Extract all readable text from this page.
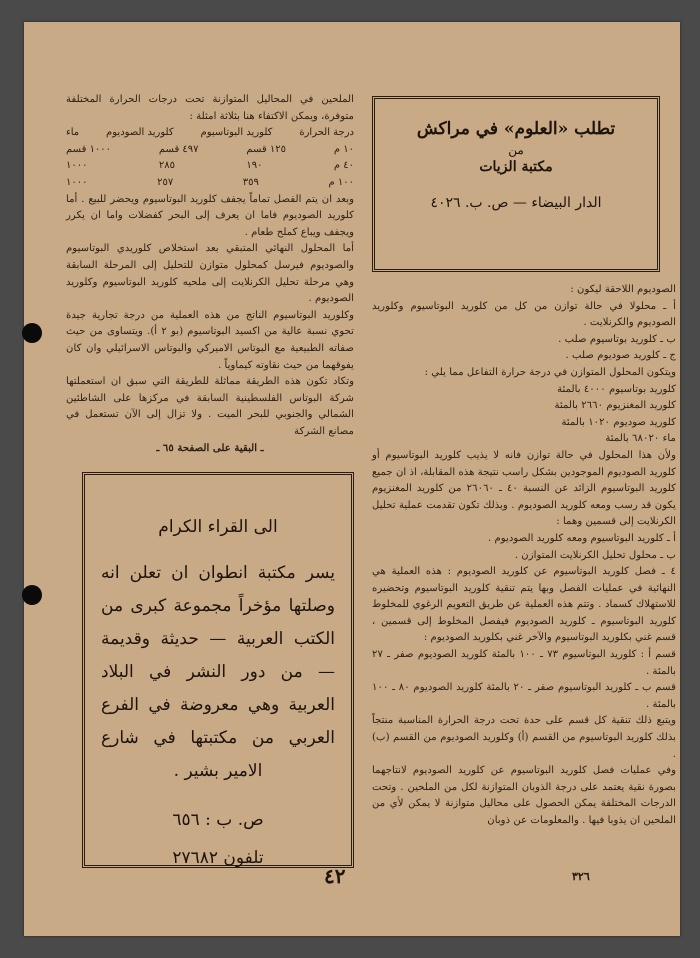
تطلب «العلوم» في مراكش
من
مكتبة الزيات
الدار البيضاء — ص. ب. ٤٠٢٦

الملحين في المحاليل المتوازنة تحت درجات الحرارة المختلفة متوفرة، ويمكن الاكتفاء هنا بثلاثة امثلة :

درجة الحرارة
كلوريد البوتاسيوم
كلوريد الصوديوم
ماء
١٠ م
١٢٥ قسم
٤٩٧ قسم
١٠٠٠ قسم
٤٠ م
١٩٠
٢٨٥
١٠٠٠
١٠٠ م
٣٥٩
٢٥٧
١٠٠٠

وبعد ان يتم الفصل تماماً يجفف كلوريد البوتاسيوم ويحضر للبيع . أما كلوريد الصوديوم فاما ان يعرف إلى البحر كفضلات واما ان يكرر ويجفف ويباع كملح طعام .

أما المحلول النهائي المتبقي بعد استخلاص كلوريدي البوتاسيوم والصوديوم فيرسل كمحلول متوازن للتحليل إلى المرحلة السابقة وهي مرحلة تحليل الكرنلايت إلى ملحيه كلوريد البوتاسيوم وكلوريد الصوديوم .

وكلوريد البوتاسيوم الناتج من هذه العملية من درجة تجارية جيدة تحوي نسبة عالية من اكسيد البوتاسيوم (بو ٢ أ). ويتساوى من حيث صفاته الطبيعية مع البوتاس الاميركي والبوتاس الاسرائيلي وان كان يفوقهما من حيث نقاوته كيماوياً .

وتكاد تكون هذه الطريقة مماثلة للطريقة التي سبق ان استعملتها شركة البوتاس الفلسطينية السابقة في مركزها على الشاطئين الشمالي والجنوبي للبحر الميت . ولا تزال إلى الآن تستعمل في مصانع الشركة

ـ البقية على الصفحة ٦٥ ـ

الصوديوم اللاحقة ليكون :

أ ـ محلولا في حالة توازن من كل من كلوريد البوتاسيوم وكلوريد الصوديوم والكرنلايت .

ب ـ كلوريد بوتاسيوم صلب .

ج ـ كلوريد صوديوم صلب .

ويتكون المحلول المتوازن في درجة حرارة التفاعل مما يلي :

كلوريد بوتاسيوم ٤٠٠٠ بالمئة

كلوريد المغنزيوم ٢٦٦٠ بالمئة

كلوريد صوديوم ١٠٢٠ بالمئة

ماء ٦٨٠٢٠ بالمئة

ولأن هذا المحلول في حالة توازن فانه لا يذيب كلوريد البوتاسيوم أو كلوريد الصوديوم الموجودين بشكل راسب نتيجة هذه المقابلة، اذ ان جميع كلوريد البوتاسيوم الزائد عن النسبة ٤٠ ـ ٢٦٠٦٠ من كلوريد المغنزيوم يكون قد رسب ومعه كلوريد الصوديوم . وبذلك تكون تقدمت عملية تحليل الكرنلايت إلى قسمين وهما :

أ ـ كلوريد البوتاسيوم ومعه كلوريد الصوديوم .

ب ـ محلول تحليل الكرنلايت المتوازن .

٤ ـ فصل كلوريد البوتاسيوم عن كلوريد الصوديوم : هذه العملية هي النهائية في عمليات الفصل وبها يتم تنقية كلوريد البوتاسيوم وتحضيره للاستهلاك كسماد . وتتم هذه العملية عن طريق التعويم الرغوي للمخلوط كلوريد البوتاسيوم ـ كلوريد الصوديوم فيفصل المخلوط إلى قسمين ، قسم غني بكلوريد البوتاسيوم والآخر غني بكلوريد الصوديوم :

قسم أ : كلوريد البوتاسيوم ٧٣ ـ ١٠٠ بالمئة كلوريد الصوديوم صفر ـ ٢٧ بالمئة .

قسم ب ـ كلوريد البوتاسيوم صفر ـ ٢٠ بالمئة كلوريد الصوديوم ٨٠ ـ ١٠٠ بالمئة .

ويتبع ذلك تنقية كل قسم على حدة تحت درجة الحرارة المناسبة منتجاً بذلك كلوريد البوتاسيوم من القسم (أ) وكلوريد الصوديوم من القسم (ب) .

وفي عمليات فصل كلوريد البوتاسيوم عن كلوريد الصوديوم لانتاجهما بصورة نقية يعتمد على درجة الذوبان المتوازنة لكل من الملحين . وتحت الدرجات المختلفة يمكن الحصول على محاليل متوازنة لا يمكن لأي من الملحين ان يذوبا فيها . والمعلومات عن ذوبان

الى القراء الكرام
يسر مكتبة انطوان ان تعلن انه وصلتها مؤخراً مجموعة كبرى من الكتب العربية — حديثة وقديمة — من دور النشر في البلاد العربية وهي معروضة في الفرع العربي من مكتبتها في شارع الامير بشير .
ص. ب : ٦٥٦
تلفون ٢٧٦٨٢
٤٢	٣٢٦
